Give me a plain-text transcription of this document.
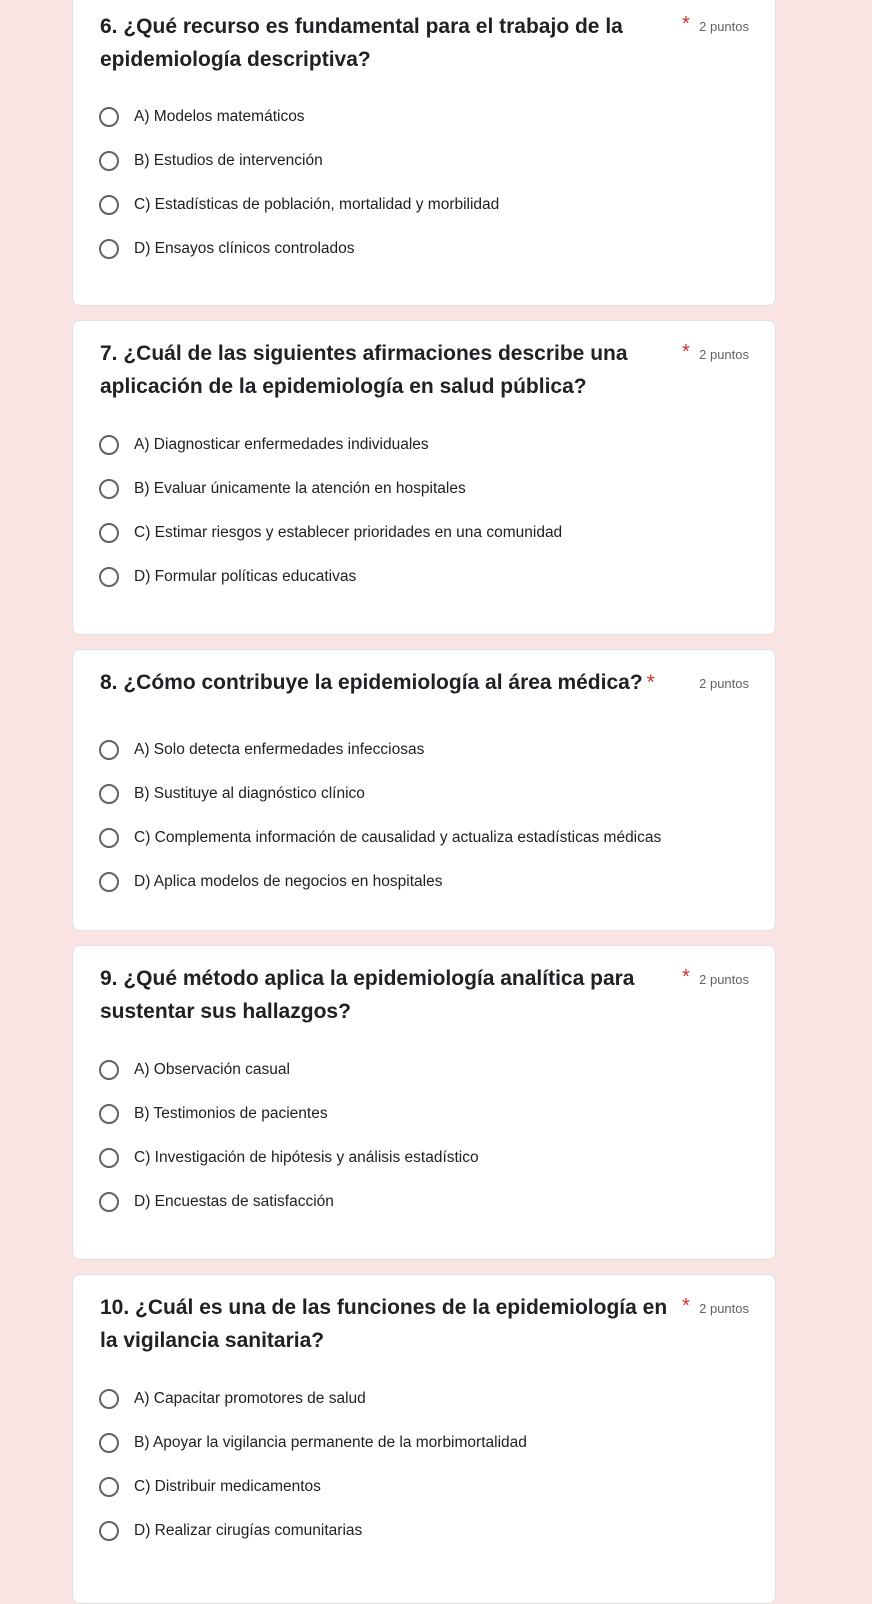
6. ¿Qué recurso es fundamental para el trabajo de la epidemiología descriptiva?
* 2 puntos
A) Modelos matemáticos
B) Estudios de intervención
C) Estadísticas de población, mortalidad y morbilidad
D) Ensayos clínicos controlados
7. ¿Cuál de las siguientes afirmaciones describe una aplicación de la epidemiología en salud pública?
* 2 puntos
A) Diagnosticar enfermedades individuales
B) Evaluar únicamente la atención en hospitales
C) Estimar riesgos y establecer prioridades en una comunidad
D) Formular políticas educativas
8. ¿Cómo contribuye la epidemiología al área médica? *	2 puntos
A) Solo detecta enfermedades infecciosas
B) Sustituye al diagnóstico clínico
C) Complementa información de causalidad y actualiza estadísticas médicas
D) Aplica modelos de negocios en hospitales
9. ¿Qué método aplica la epidemiología analítica para sustentar sus hallazgos?
* 2 puntos
A) Observación casual
B) Testimonios de pacientes
C) Investigación de hipótesis y análisis estadístico
D) Encuestas de satisfacción
10. ¿Cuál es una de las funciones de la epidemiología en la vigilancia sanitaria?
* 2 puntos
A) Capacitar promotores de salud
B) Apoyar la vigilancia permanente de la morbimortalidad
C) Distribuir medicamentos
D) Realizar cirugías comunitarias
